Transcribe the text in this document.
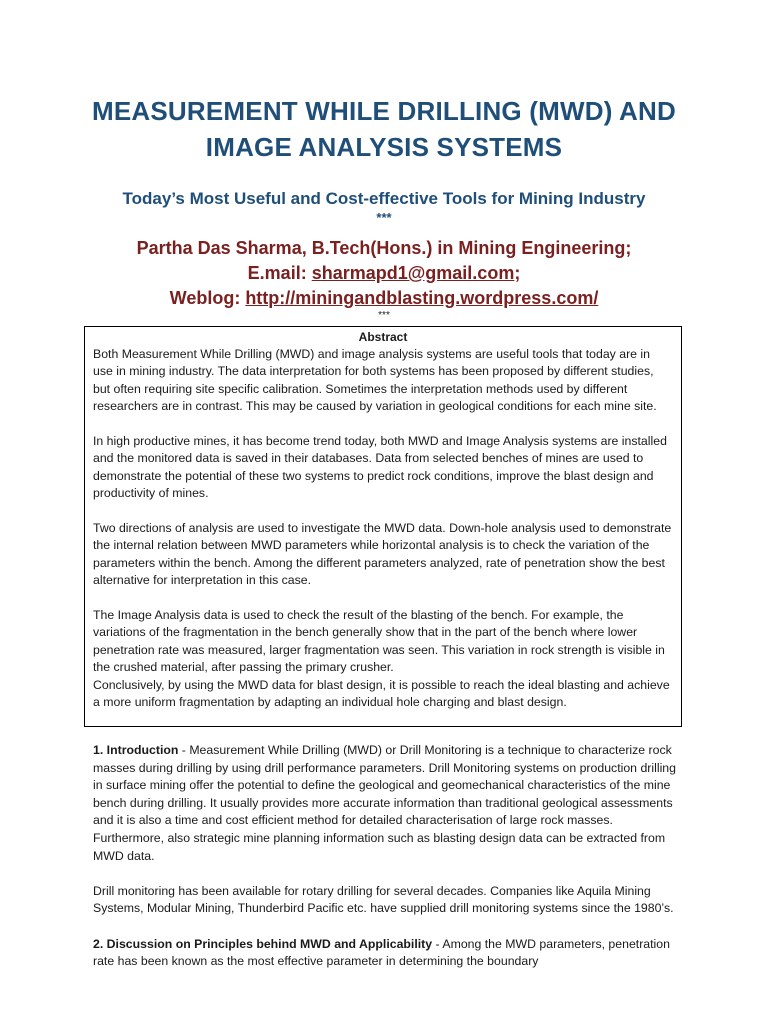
MEASUREMENT WHILE DRILLING (MWD) AND
IMAGE ANALYSIS SYSTEMS
Today’s Most Useful and Cost-effective Tools for Mining Industry
***
Partha Das Sharma, B.Tech(Hons.) in Mining Engineering;
E.mail: sharmapd1@gmail.com;
Weblog: http://miningandblasting.wordpress.com/
***

Abstract

Both Measurement While Drilling (MWD) and image analysis systems are useful tools that today are in use in mining industry. The data interpretation for both systems has been proposed by different studies, but often requiring site specific calibration. Sometimes the interpretation methods used by different researchers are in contrast. This may be caused by variation in geological conditions for each mine site.

In high productive mines, it has become trend today, both MWD and Image Analysis systems are installed and the monitored data is saved in their databases. Data from selected benches of mines are used to demonstrate the potential of these two systems to predict rock conditions, improve the blast design and productivity of mines.

Two directions of analysis are used to investigate the MWD data. Down-hole analysis used to demonstrate the internal relation between MWD parameters while horizontal analysis is to check the variation of the parameters within the bench. Among the different parameters analyzed, rate of penetration show the best alternative for interpretation in this case.

The Image Analysis data is used to check the result of the blasting of the bench. For example, the variations of the fragmentation in the bench generally show that in the part of the bench where lower penetration rate was measured, larger fragmentation was seen. This variation in rock strength is visible in the crushed material, after passing the primary crusher.

Conclusively, by using the MWD data for blast design, it is possible to reach the ideal blasting and achieve a more uniform fragmentation by adapting an individual hole charging and blast design.

1. Introduction - Measurement While Drilling (MWD) or Drill Monitoring is a technique to characterize rock masses during drilling by using drill performance parameters. Drill Monitoring systems on production drilling in surface mining offer the potential to define the geological and geomechanical characteristics of the mine bench during drilling. It usually provides more accurate information than traditional geological assessments and it is also a time and cost efficient method for detailed characterisation of large rock masses. Furthermore, also strategic mine planning information such as blasting design data can be extracted from MWD data.

Drill monitoring has been available for rotary drilling for several decades. Companies like Aquila Mining Systems, Modular Mining, Thunderbird Pacific etc. have supplied drill monitoring systems since the 1980’s.

2. Discussion on Principles behind MWD and Applicability - Among the MWD parameters, penetration rate has been known as the most effective parameter in determining the boundary
